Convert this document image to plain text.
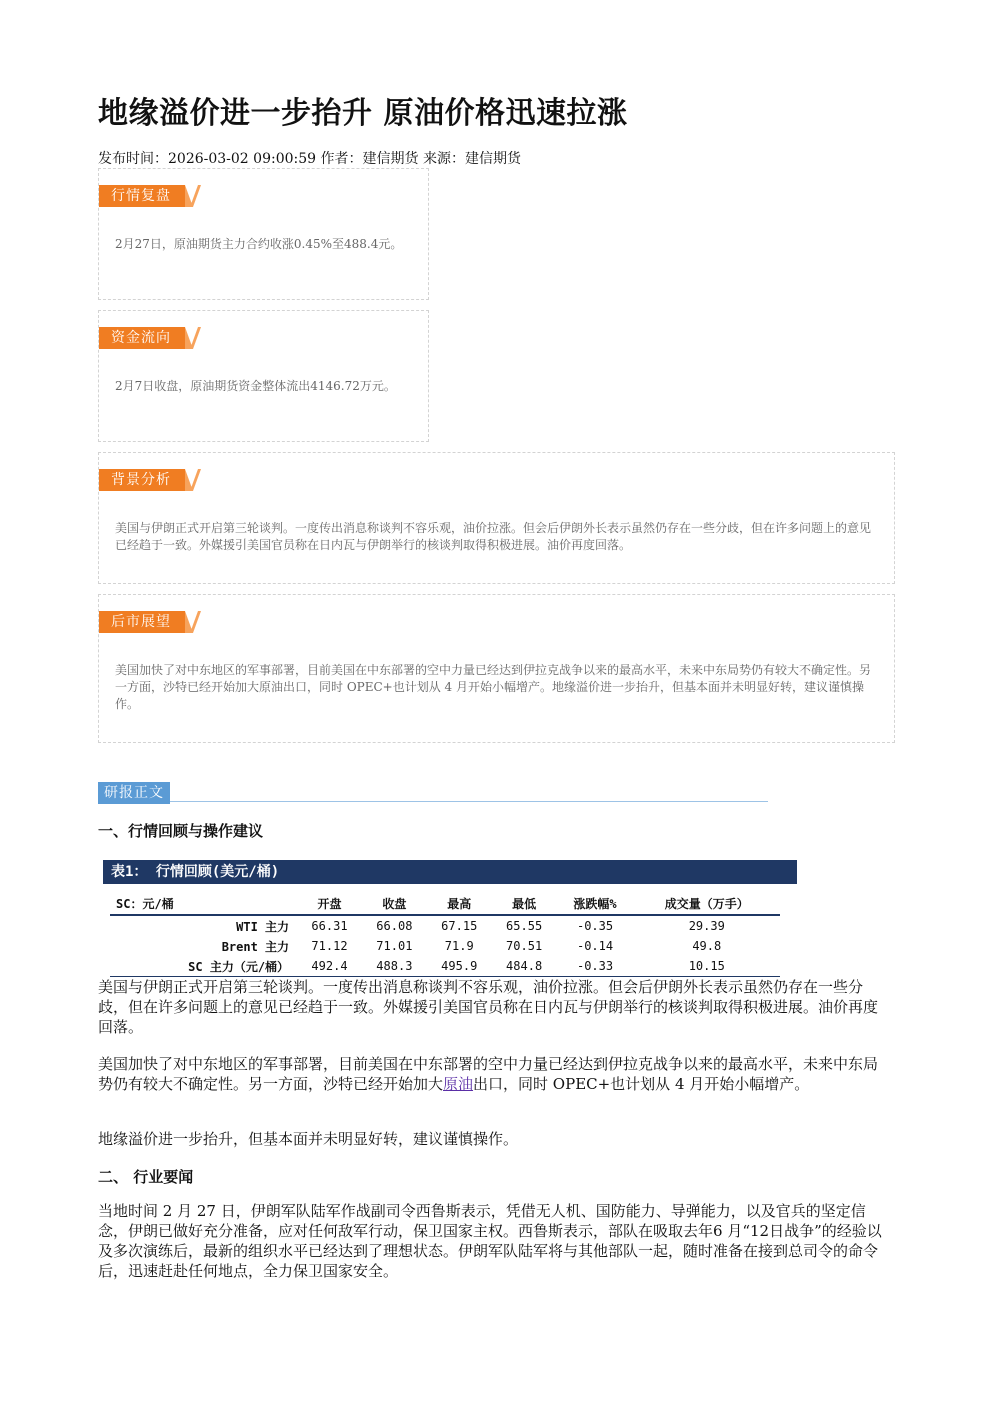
地缘溢价进一步抬升 原油价格迅速拉涨
发布时间：2026-03-02 09:00:59 作者：建信期货 来源：建信期货
行情复盘
2月27日，原油期货主力合约收涨0.45%至488.4元。
资金流向
2月7日收盘，原油期货资金整体流出4146.72万元。
背景分析
美国与伊朗正式开启第三轮谈判。一度传出消息称谈判不容乐观，油价拉涨。但会后伊朗外长表示虽然仍存在一些分歧，但在许多问题上的意见已经趋于一致。外媒援引美国官员称在日内瓦与伊朗举行的核谈判取得积极进展。油价再度回落。
后市展望
美国加快了对中东地区的军事部署，目前美国在中东部署的空中力量已经达到伊拉克战争以来的最高水平，未来中东局势仍有较大不确定性。另一方面，沙特已经开始加大原油出口，同时 OPEC+也计划从 4 月开始小幅增产。地缘溢价进一步抬升，但基本面并未明显好转，建议谨慎操作。
研报正文
一、行情回顾与操作建议
表1： 行情回顾(美元/桶)
SC：元/桶	开盘	收盘	最高	最低	涨跌幅%	成交量（万手）
WTI 主力	66.31	66.08	67.15	65.55	-0.35	29.39
Brent 主力	71.12	71.01	71.9	70.51	-0.14	49.8
SC 主力（元/桶）	492.4	488.3	495.9	484.8	-0.33	10.15

美国与伊朗正式开启第三轮谈判。一度传出消息称谈判不容乐观，油价拉涨。但会后伊朗外长表示虽然仍存在一些分歧，但在许多问题上的意见已经趋于一致。外媒援引美国官员称在日内瓦与伊朗举行的核谈判取得积极进展。油价再度回落。

美国加快了对中东地区的军事部署，目前美国在中东部署的空中力量已经达到伊拉克战争以来的最高水平，未来中东局势仍有较大不确定性。另一方面，沙特已经开始加大原油出口，同时 OPEC+也计划从 4 月开始小幅增产。

地缘溢价进一步抬升，但基本面并未明显好转，建议谨慎操作。

二、 行业要闻

当地时间 2 月 27 日，伊朗军队陆军作战副司令西鲁斯表示，凭借无人机、国防能力、导弹能力，以及官兵的坚定信念，伊朗已做好充分准备，应对任何敌军行动，保卫国家主权。西鲁斯表示，部队在吸取去年6 月“12日战争”的经验以及多次演练后，最新的组织水平已经达到了理想状态。伊朗军队陆军将与其他部队一起，随时准备在接到总司令的命令后，迅速赶赴任何地点，全力保卫国家安全。
